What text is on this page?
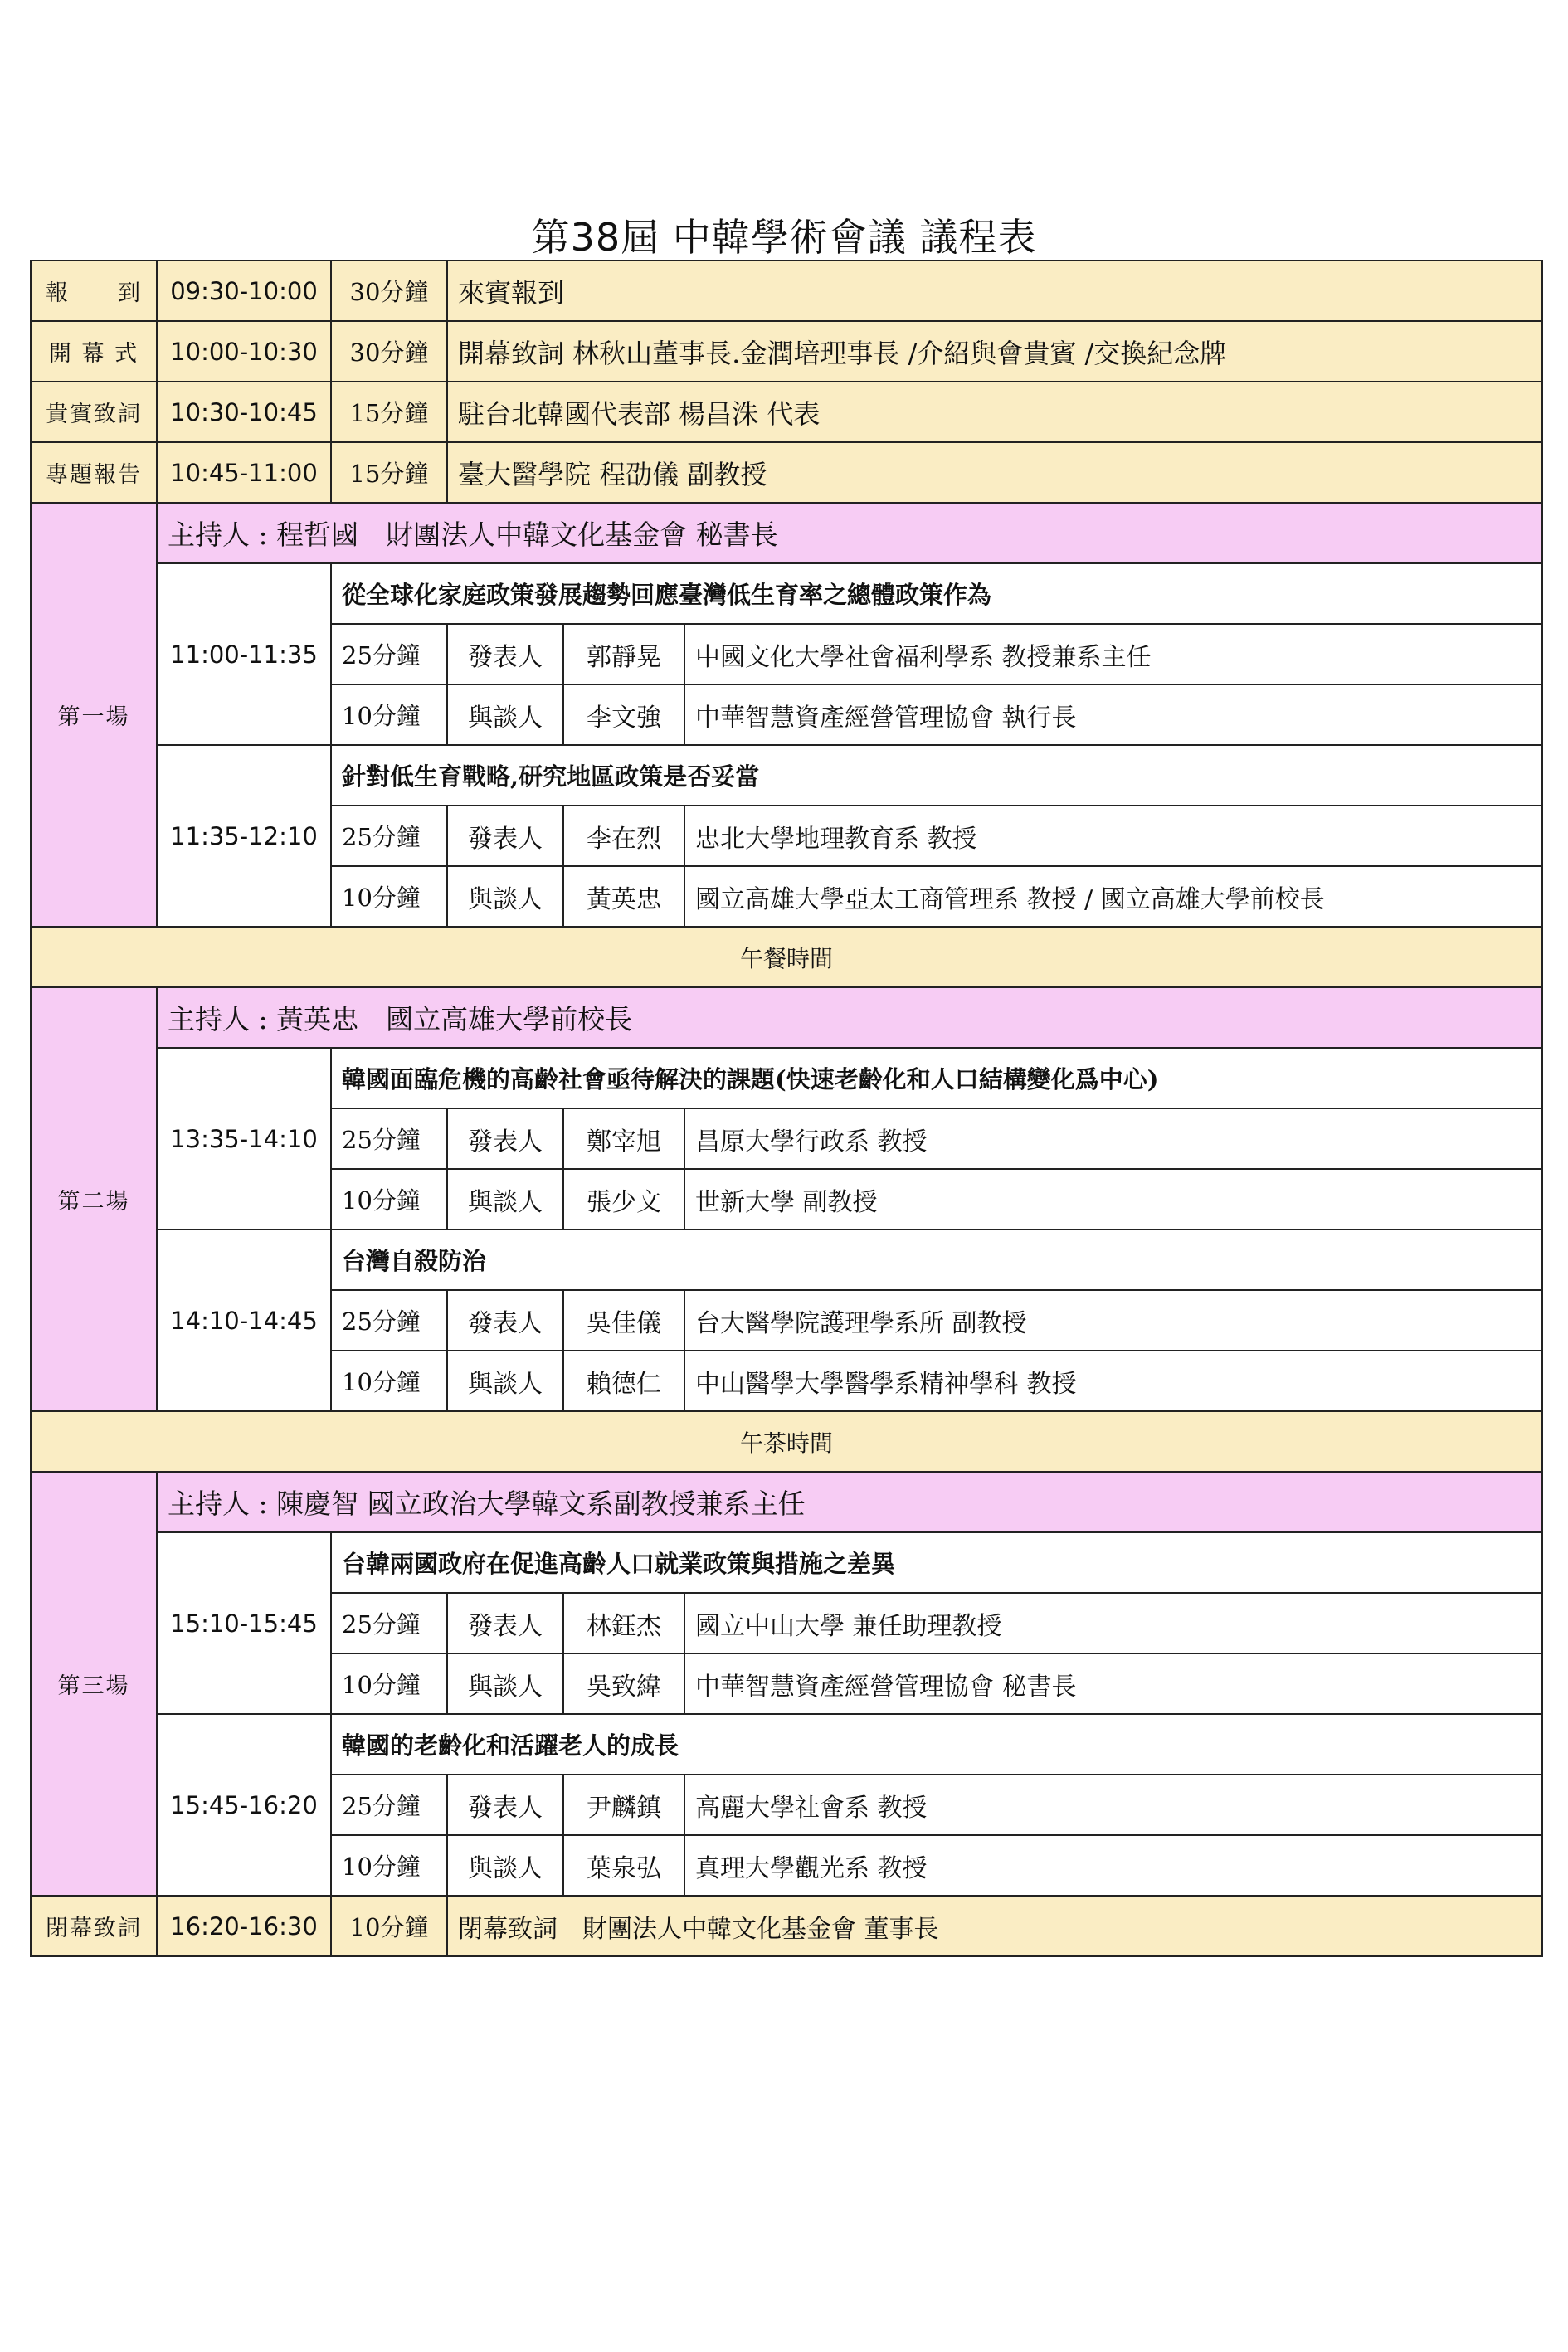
第38屆 中韓學術會議 議程表
報　　到	09:30-10:00	30分鐘	來賓報到		
開 幕 式	10:00-10:30	30分鐘	開幕致詞 林秋山董事長.金潤培理事長 /介紹與會貴賓 /交換紀念牌		
貴賓致詞	10:30-10:45	15分鐘	駐台北韓國代表部 楊昌洙 代表		
專題報告	10:45-11:00	15分鐘	臺大醫學院 程劭儀 副教授		
第一場	主持人 : 程哲國　財團法人中韓文化基金會 秘書長				
	11:00-11:35	從全球化家庭政策發展趨勢回應臺灣低生育率之總體政策作為			
		25分鐘	發表人	郭靜晃	中國文化大學社會福利學系 教授兼系主任
		10分鐘	與談人	李文強	中華智慧資產經營管理協會 執行長
	11:35-12:10	針對低生育戰略,研究地區政策是否妥當			
		25分鐘	發表人	李在烈	忠北大學地理教育系 教授
		10分鐘	與談人	黃英忠	國立高雄大學亞太工商管理系 教授 / 國立高雄大學前校長
午餐時間					
第二場	主持人 : 黃英忠　國立高雄大學前校長				
	13:35-14:10	韓國面臨危機的高齡社會亟待解決的課題(快速老齡化和人口結構變化爲中心)			
		25分鐘	發表人	鄭宰旭	昌原大學行政系 教授
		10分鐘	與談人	張少文	世新大學 副教授
	14:10-14:45	台灣自殺防治			
		25分鐘	發表人	吳佳儀	台大醫學院護理學系所 副教授
		10分鐘	與談人	賴德仁	中山醫學大學醫學系精神學科 教授
午茶時間					
第三場	主持人 : 陳慶智 國立政治大學韓文系副教授兼系主任				
	15:10-15:45	台韓兩國政府在促進高齡人口就業政策與措施之差異			
		25分鐘	發表人	林鈺杰	國立中山大學 兼任助理教授
		10分鐘	與談人	吳致緯	中華智慧資產經營管理協會 秘書長
	15:45-16:20	韓國的老齡化和活躍老人的成長			
		25分鐘	發表人	尹麟鎮	高麗大學社會系 教授
		10分鐘	與談人	葉泉弘	真理大學觀光系 教授
閉幕致詞	16:20-16:30	10分鐘	閉幕致詞　財團法人中韓文化基金會 董事長		
